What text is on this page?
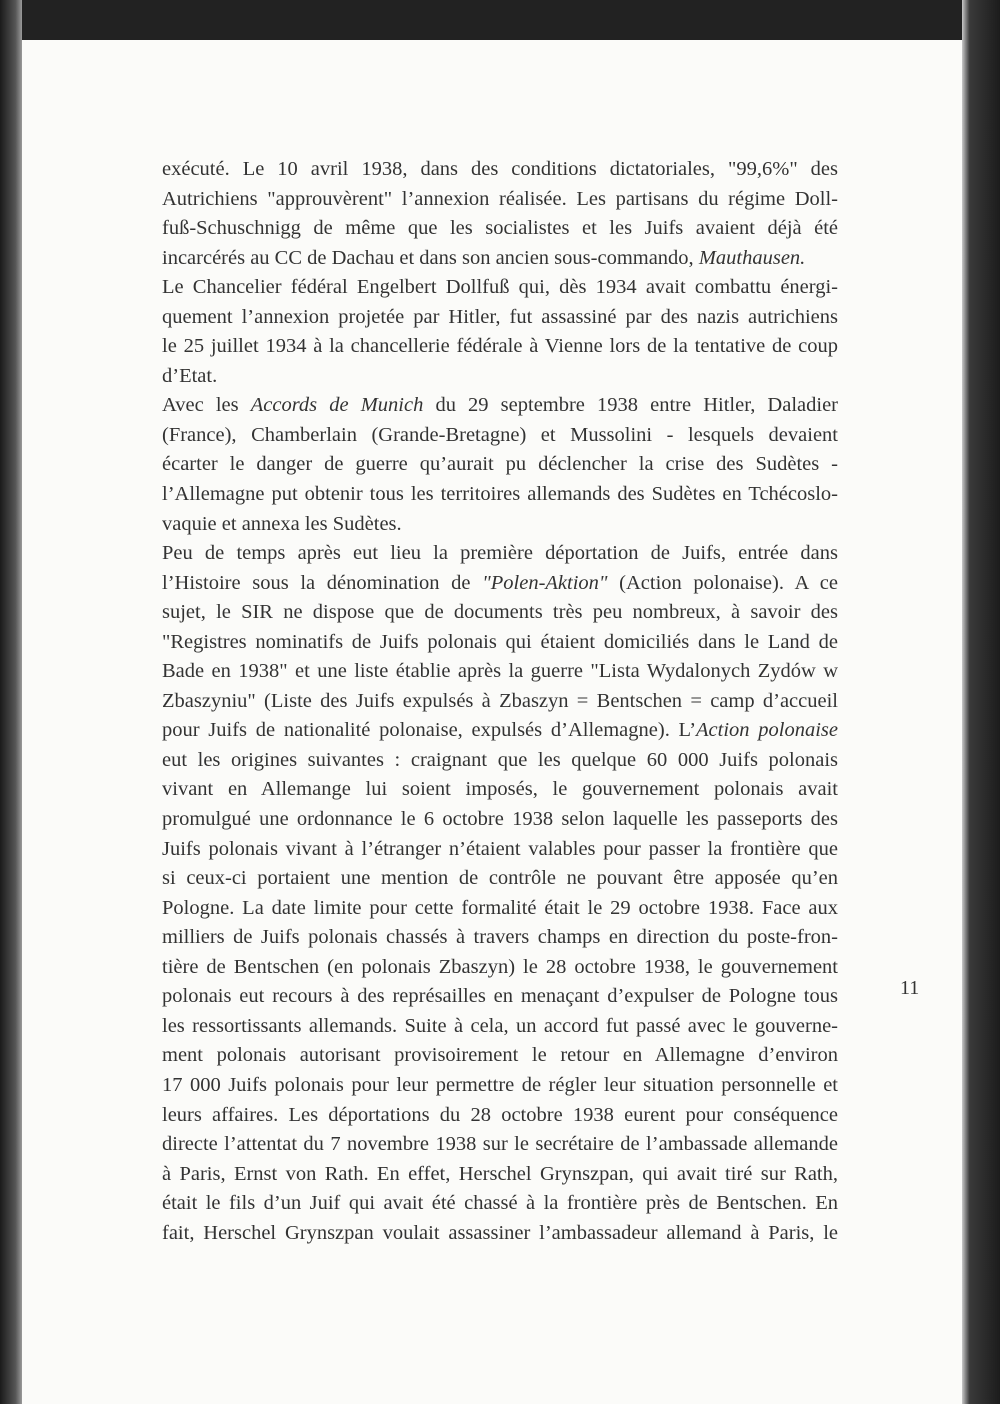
exécuté. Le 10 avril 1938, dans des conditions dictatoriales, "99,6%" des
Autrichiens "approuvèrent" l’annexion réalisée. Les partisans du régime Doll-
fuß-Schuschnigg de même que les socialistes et les Juifs avaient déjà été
incarcérés au CC de Dachau et dans son ancien sous-commando, Mauthausen.
Le Chancelier fédéral Engelbert Dollfuß qui, dès 1934 avait combattu énergi-
quement l’annexion projetée par Hitler, fut assassiné par des nazis autrichiens
le 25 juillet 1934 à la chancellerie fédérale à Vienne lors de la tentative de coup
d’Etat.
Avec les Accords de Munich du 29 septembre 1938 entre Hitler, Daladier
(France), Chamberlain (Grande-Bretagne) et Mussolini - lesquels devaient
écarter le danger de guerre qu’aurait pu déclencher la crise des Sudètes -
l’Allemagne put obtenir tous les territoires allemands des Sudètes en Tchécoslo-
vaquie et annexa les Sudètes.
Peu de temps après eut lieu la première déportation de Juifs, entrée dans
l’Histoire sous la dénomination de "Polen-Aktion" (Action polonaise). A ce
sujet, le SIR ne dispose que de documents très peu nombreux, à savoir des
"Registres nominatifs de Juifs polonais qui étaient domiciliés dans le Land de
Bade en 1938" et une liste établie après la guerre "Lista Wydalonych Zydów w
Zbaszyniu" (Liste des Juifs expulsés à Zbaszyn = Bentschen = camp d’accueil
pour Juifs de nationalité polonaise, expulsés d’Allemagne). L’Action polonaise
eut les origines suivantes : craignant que les quelque 60 000 Juifs polonais
vivant en Allemange lui soient imposés, le gouvernement polonais avait
promulgué une ordonnance le 6 octobre 1938 selon laquelle les passeports des
Juifs polonais vivant à l’étranger n’étaient valables pour passer la frontière que
si ceux-ci portaient une mention de contrôle ne pouvant être apposée qu’en
Pologne. La date limite pour cette formalité était le 29 octobre 1938. Face aux
milliers de Juifs polonais chassés à travers champs en direction du poste-fron-
tière de Bentschen (en polonais Zbaszyn) le 28 octobre 1938, le gouvernement
polonais eut recours à des représailles en menaçant d’expulser de Pologne tous
les ressortissants allemands. Suite à cela, un accord fut passé avec le gouverne-
ment polonais autorisant provisoirement le retour en Allemagne d’environ
17 000 Juifs polonais pour leur permettre de régler leur situation personnelle et
leurs affaires. Les déportations du 28 octobre 1938 eurent pour conséquence
directe l’attentat du 7 novembre 1938 sur le secrétaire de l’ambassade allemande
à Paris, Ernst von Rath. En effet, Herschel Grynszpan, qui avait tiré sur Rath,
était le fils d’un Juif qui avait été chassé à la frontière près de Bentschen. En
fait, Herschel Grynszpan voulait assassiner l’ambassadeur allemand à Paris, le
11
